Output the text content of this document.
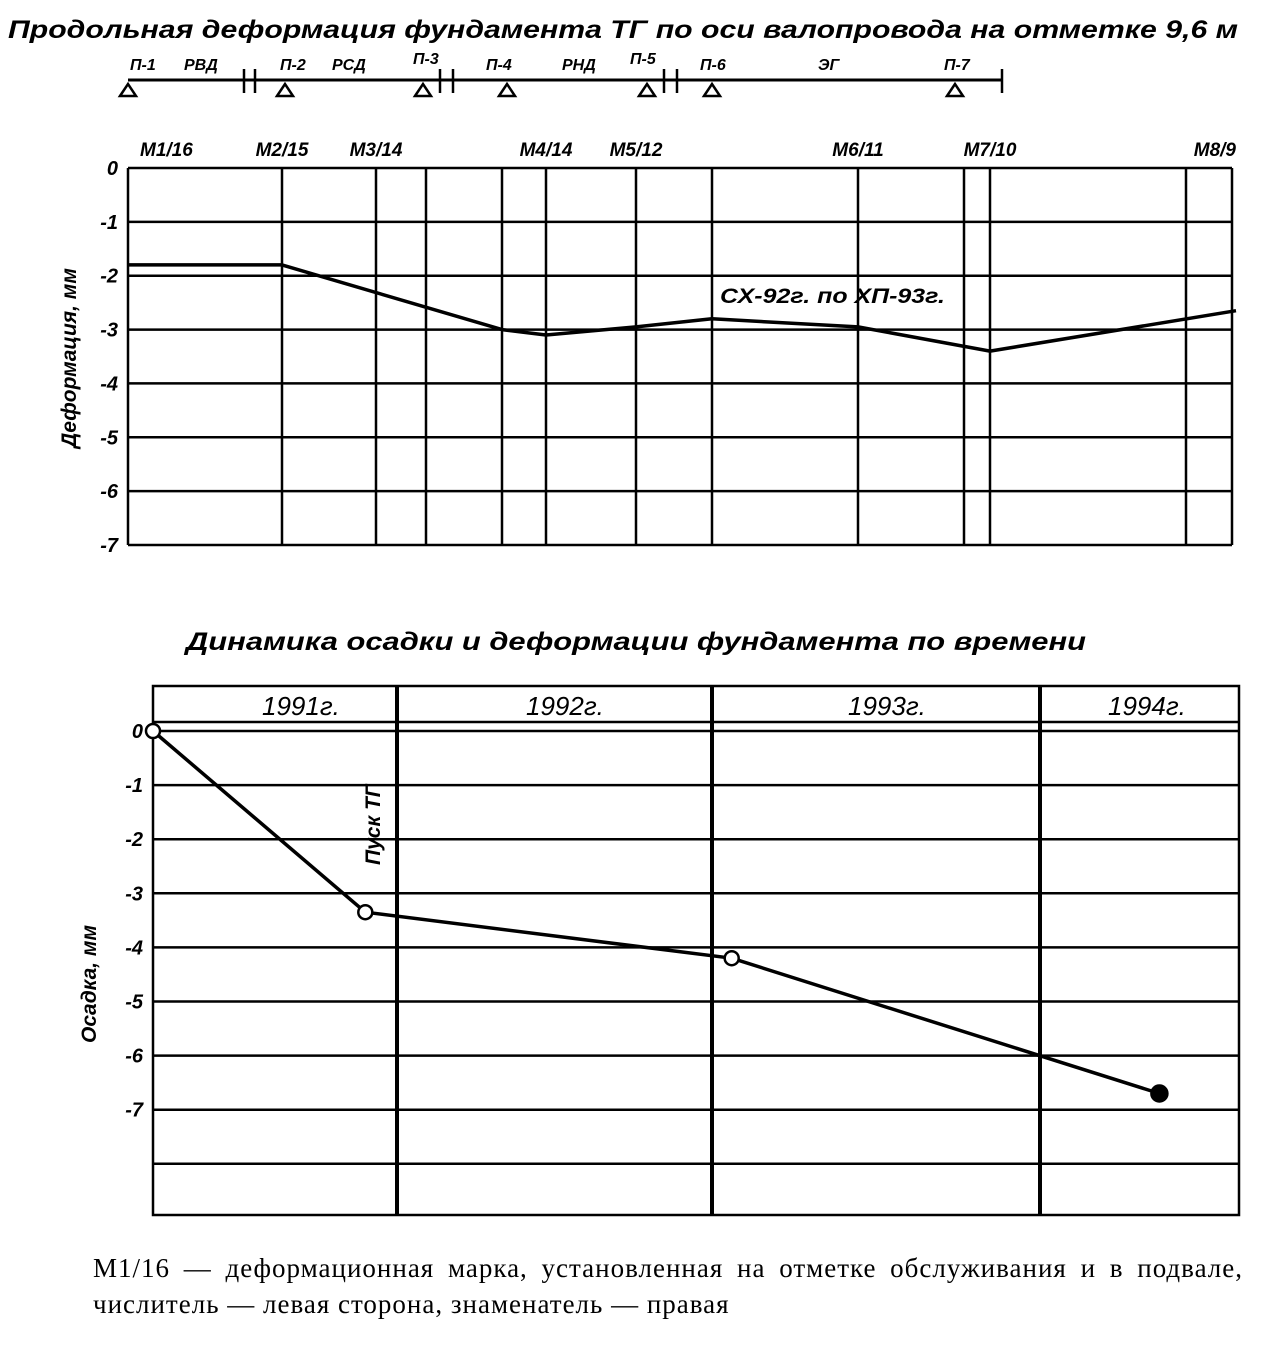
Продольная деформация фундамента ТГ по оси валопровода на отметке 9,6 м
П-1 РВД	П-2 РСД	П-3	П-4	РНД П-5	П-6	ЭГ	П-7
0
-1
-2
-3
-4
-5
-6
-7
М1/16	М2/15 М3/14	М4/14 М5/12	М6/11	М7/10	М8/9
Деформация, мм	СХ-92г. по ХП-93г.
Динамика осадки и деформации фундамента по времени
1991г.	1992г.	1993г.	1994г.
0
-1
-2
-3
-4
-5
-6
-7
Осадка, мм
Пуск ТГ
М1/16 — деформационная марка, установленная на отметке обслуживания и в подвале, числитель — левая сторона, знаменатель — правая
